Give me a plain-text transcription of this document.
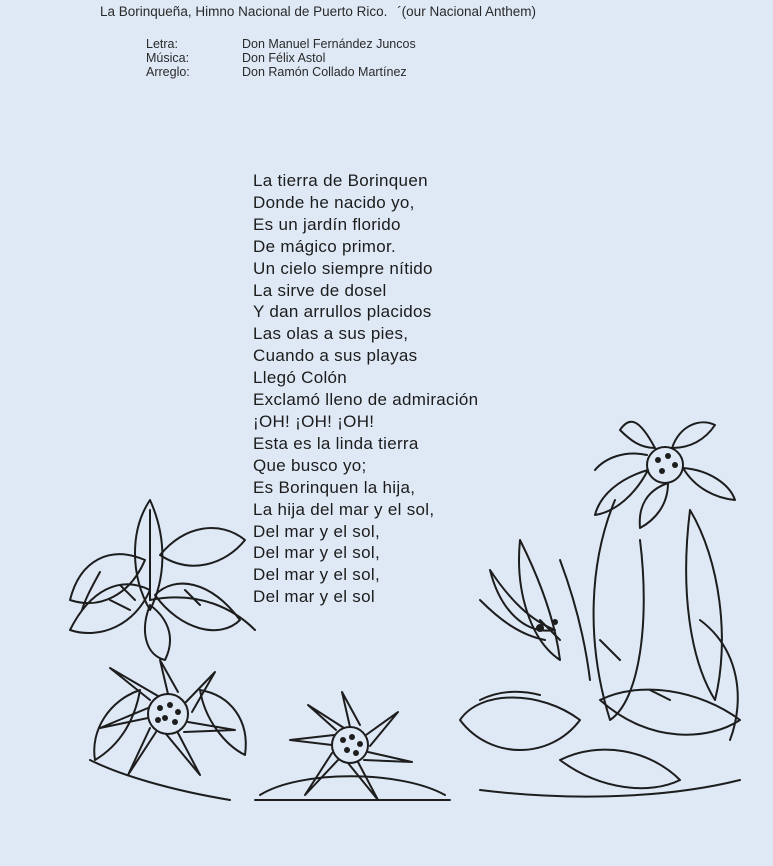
La Borinqueña, Himno Nacional de Puerto Rico. ´(our Nacional Anthem)
Letra:	Don Manuel Fernández Juncos
Música:	Don Félix Astol
Arreglo:	Don Ramón Collado Martínez
La tierra de Borinquen
Donde he nacido yo,
Es un jardín florido
De mágico primor.
Un cielo siempre nítido
La sirve de dosel
Y dan arrullos placidos
Las olas a sus pies,
Cuando a sus playas
Llegó Colón
Exclamó lleno de admiración
¡OH! ¡OH! ¡OH!
Esta es la linda tierra
Que busco yo;
Es Borinquen la hija,
La hija del mar y el sol,
Del mar y el sol,
Del mar y el sol,
Del mar y el sol,
Del mar y el sol
